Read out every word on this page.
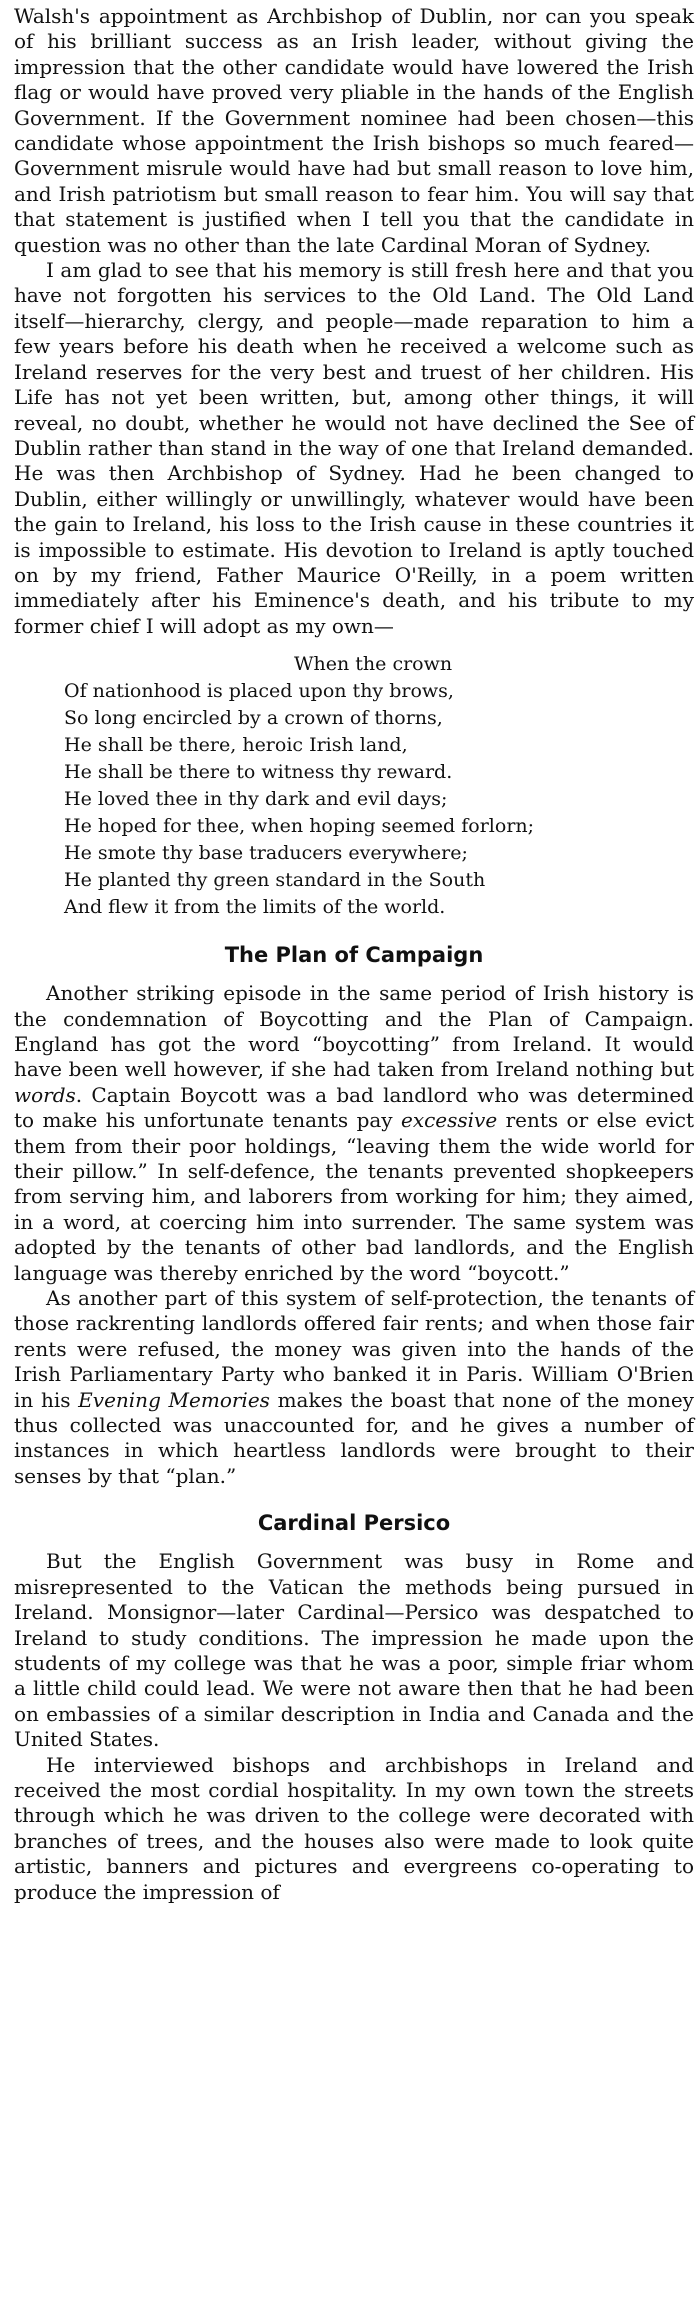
Walsh's appointment as Archbishop of Dublin, nor can you speak of his brilliant success as an Irish leader, without giving the impression that the other candidate would have lowered the Irish flag or would have proved very pliable in the hands of the English Government. If the Government nominee had been chosen—this candidate whose appointment the Irish bishops so much feared—Government misrule would have had but small reason to love him, and Irish patriotism but small reason to fear him. You will say that that statement is justified when I tell you that the candidate in question was no other than the late Cardinal Moran of Sydney.

I am glad to see that his memory is still fresh here and that you have not forgotten his services to the Old Land. The Old Land itself—hierarchy, clergy, and people—made reparation to him a few years before his death when he received a welcome such as Ireland reserves for the very best and truest of her children. His Life has not yet been written, but, among other things, it will reveal, no doubt, whether he would not have declined the See of Dublin rather than stand in the way of one that Ireland demanded. He was then Archbishop of Sydney. Had he been changed to Dublin, either willingly or unwillingly, whatever would have been the gain to Ireland, his loss to the Irish cause in these countries it is impossible to estimate. His devotion to Ireland is aptly touched on by my friend, Father Maurice O'Reilly, in a poem written immediately after his Eminence's death, and his tribute to my former chief I will adopt as my own—

When the crown
Of nationhood is placed upon thy brows,
So long encircled by a crown of thorns,
He shall be there, heroic Irish land,
He shall be there to witness thy reward.
He loved thee in thy dark and evil days;
He hoped for thee, when hoping seemed forlorn;
He smote thy base traducers everywhere;
He planted thy green standard in the South
And flew it from the limits of the world.
The Plan of Campaign

Another striking episode in the same period of Irish history is the condemnation of Boycotting and the Plan of Campaign. England has got the word “boycotting” from Ireland. It would have been well however, if she had taken from Ireland nothing but words. Captain Boycott was a bad landlord who was determined to make his unfortunate tenants pay excessive rents or else evict them from their poor holdings, “leaving them the wide world for their pillow.” In self-defence, the tenants prevented shopkeepers from serving him, and laborers from working for him; they aimed, in a word, at coercing him into surrender. The same system was adopted by the tenants of other bad landlords, and the English language was thereby enriched by the word “boycott.”

As another part of this system of self-protection, the tenants of those rackrenting landlords offered fair rents; and when those fair rents were refused, the money was given into the hands of the Irish Parliamentary Party who banked it in Paris. William O'Brien in his Evening Memories makes the boast that none of the money thus collected was unaccounted for, and he gives a number of instances in which heartless landlords were brought to their senses by that “plan.”

Cardinal Persico

But the English Government was busy in Rome and misrepresented to the Vatican the methods being pursued in Ireland. Monsignor—later Cardinal—Persico was despatched to Ireland to study conditions. The impression he made upon the students of my college was that he was a poor, simple friar whom a little child could lead. We were not aware then that he had been on embassies of a similar description in India and Canada and the United States.

He interviewed bishops and archbishops in Ireland and received the most cordial hospitality. In my own town the streets through which he was driven to the college were decorated with branches of trees, and the houses also were made to look quite artistic, banners and pictures and evergreens co-operating to produce the impression of
